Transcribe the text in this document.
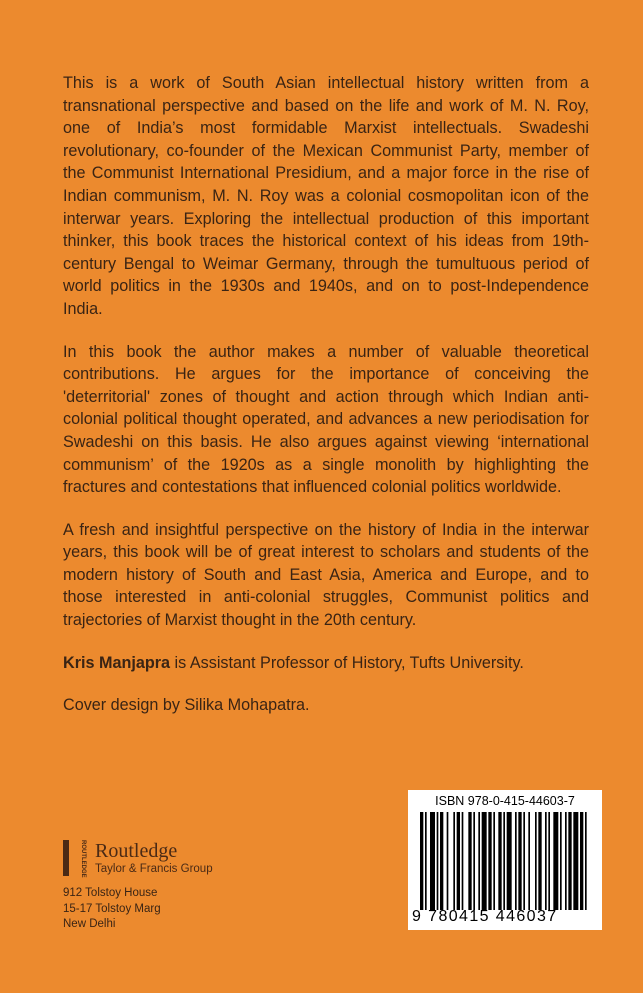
This is a work of South Asian intellectual history written from a transnational perspective and based on the life and work of M. N. Roy, one of India’s most formidable Marxist intellectuals. Swadeshi revolutionary, co-founder of the Mexican Communist Party, member of the Communist International Presidium, and a major force in the rise of Indian communism, M. N. Roy was a colonial cosmopolitan icon of the interwar years. Exploring the intellectual production of this important thinker, this book traces the historical context of his ideas from 19th-century Bengal to Weimar Germany, through the tumultuous period of world politics in the 1930s and 1940s, and on to post-Independence India.

In this book the author makes a number of valuable theoretical contributions. He argues for the importance of conceiving the 'deterritorial' zones of thought and action through which Indian anti-colonial political thought operated, and advances a new periodisation for Swadeshi on this basis. He also argues against viewing ‘international communism’ of the 1920s as a single monolith by highlighting the fractures and contestations that influenced colonial politics worldwide.

A fresh and insightful perspective on the history of India in the interwar years, this book will be of great interest to scholars and students of the modern history of South and East Asia, America and Europe, and to those interested in anti-colonial struggles, Communist politics and trajectories of Marxist thought in the 20th century.

Kris Manjapra is Assistant Professor of History, Tufts University.

Cover design by Silika Mohapatra.

ROUTLEDGE Routledge
Taylor & Francis Group
912 Tolstoy House
15-17 Tolstoy Marg
New Delhi
ISBN 978-0-415-44603-7
9 780415 446037
